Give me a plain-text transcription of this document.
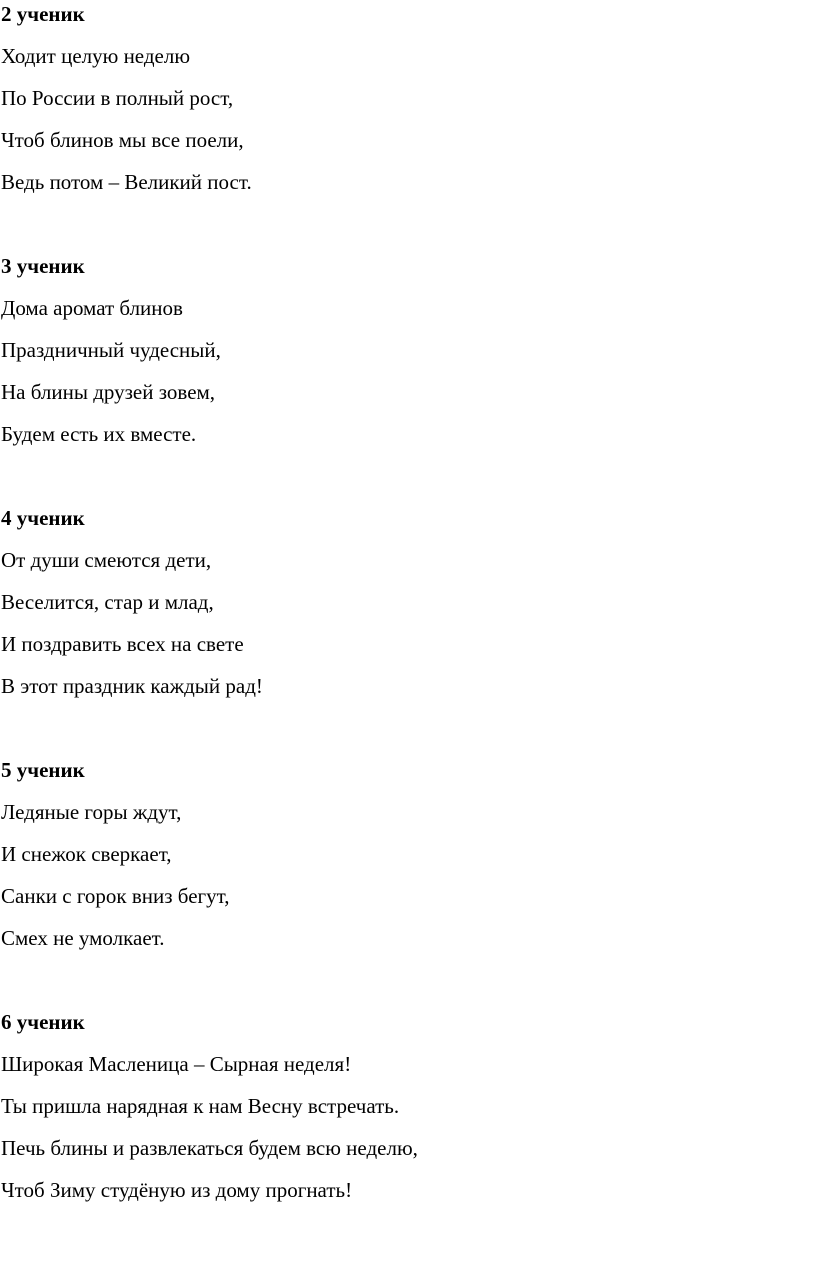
2 ученик
Ходит целую неделю
По России в полный рост,
Чтоб блинов мы все поели,
Ведь потом – Великий пост.
3 ученик
Дома аромат блинов
Праздничный чудесный,
На блины друзей зовем,
Будем есть их вместе.
4 ученик
От души смеются дети,
Веселится, стар и млад,
И поздравить всех на свете
В этот праздник каждый рад!
5 ученик
Ледяные горы ждут,
И снежок сверкает,
Санки с горок вниз бегут,
Смех не умолкает.
6 ученик
Широкая Масленица – Сырная неделя!
Ты пришла нарядная к нам Весну встречать.
Печь блины и развлекаться будем всю неделю,
Чтоб Зиму студёную из дому прогнать!
